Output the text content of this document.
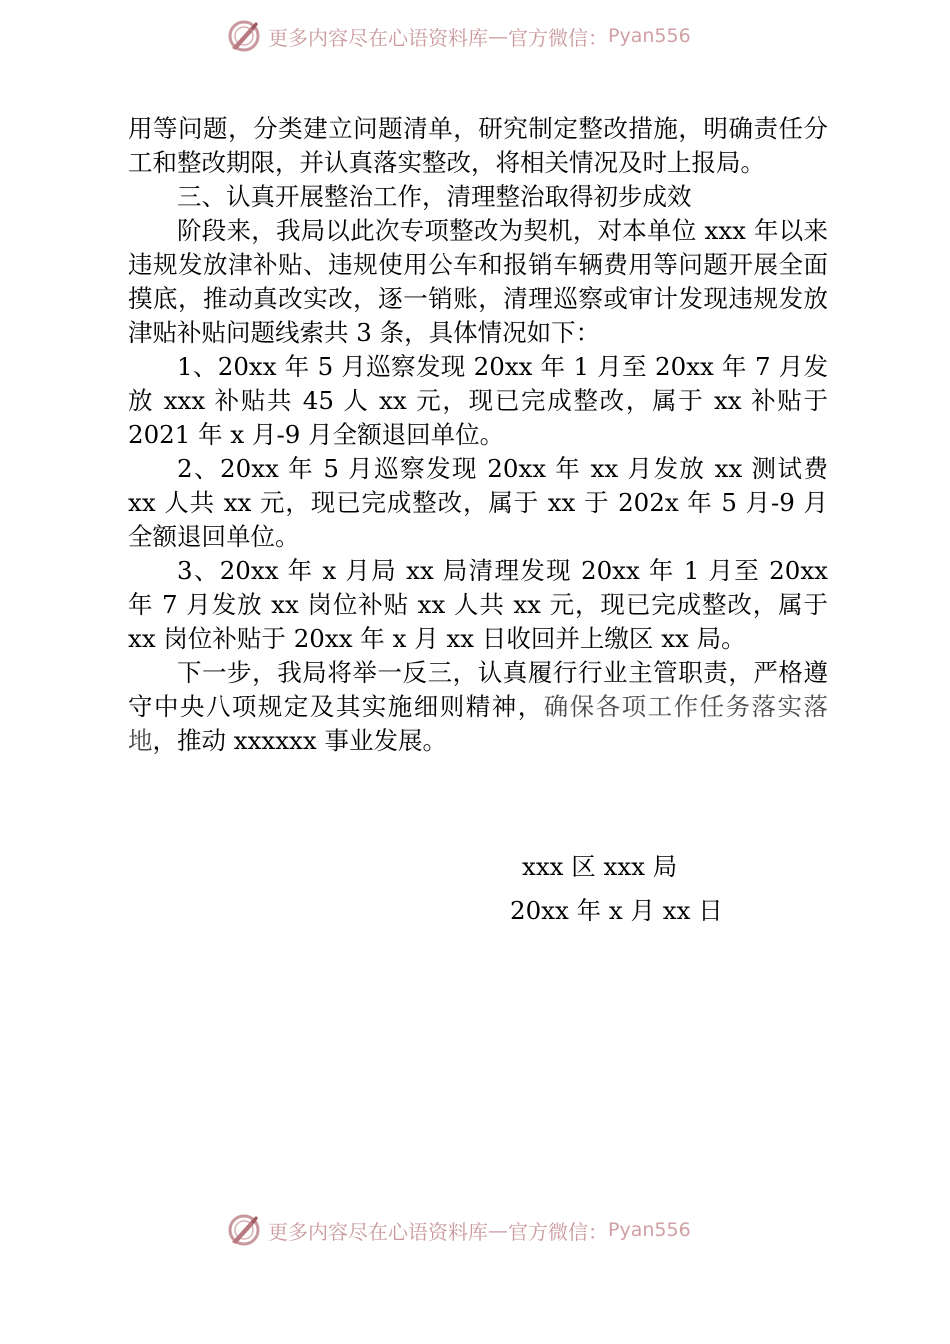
更多内容尽在心语资料库 — 官方微信： Pyan556

用等问题，分类建立问题清单，研究制定整改措施，明确责任分工和整改期限，并认真落实整改，将相关情况及时上报局。

三、认真开展整治工作，清理整治取得初步成效

阶段来，我局以此次专项整改为契机，对本单位 xxx 年以来违规发放津补贴、违规使用公车和报销车辆费用等问题开展全面摸底，推动真改实改，逐一销账，清理巡察或审计发现违规发放津贴补贴问题线索共 3 条，具体情况如下：

1、20xx 年 5 月巡察发现 20xx 年 1 月至 20xx 年 7 月发放 xxx 补贴共 45 人 xx 元，现已完成整改，属于 xx 补贴于 2021 年 x 月-9 月全额退回单位。

2、20xx 年 5 月巡察发现 20xx 年 xx 月发放 xx 测试费 xx 人共 xx 元，现已完成整改，属于 xx 于 202x 年 5 月-9 月全额退回单位。

3、20xx 年 x 月局 xx 局清理发现 20xx 年 1 月至 20xx 年 7 月发放 xx 岗位补贴 xx 人共 xx 元，现已完成整改，属于 xx 岗位补贴于 20xx 年 x 月 xx 日收回并上缴区 xx 局。

下一步，我局将举一反三，认真履行行业主管职责，严格遵守中央八项规定及其实施细则精神，确保各项工作任务落实落地，推动 xxxxxx 事业发展。

xxx 区 xxx 局
20xx 年 x 月 xx 日
更多内容尽在心语资料库 — 官方微信： Pyan556
